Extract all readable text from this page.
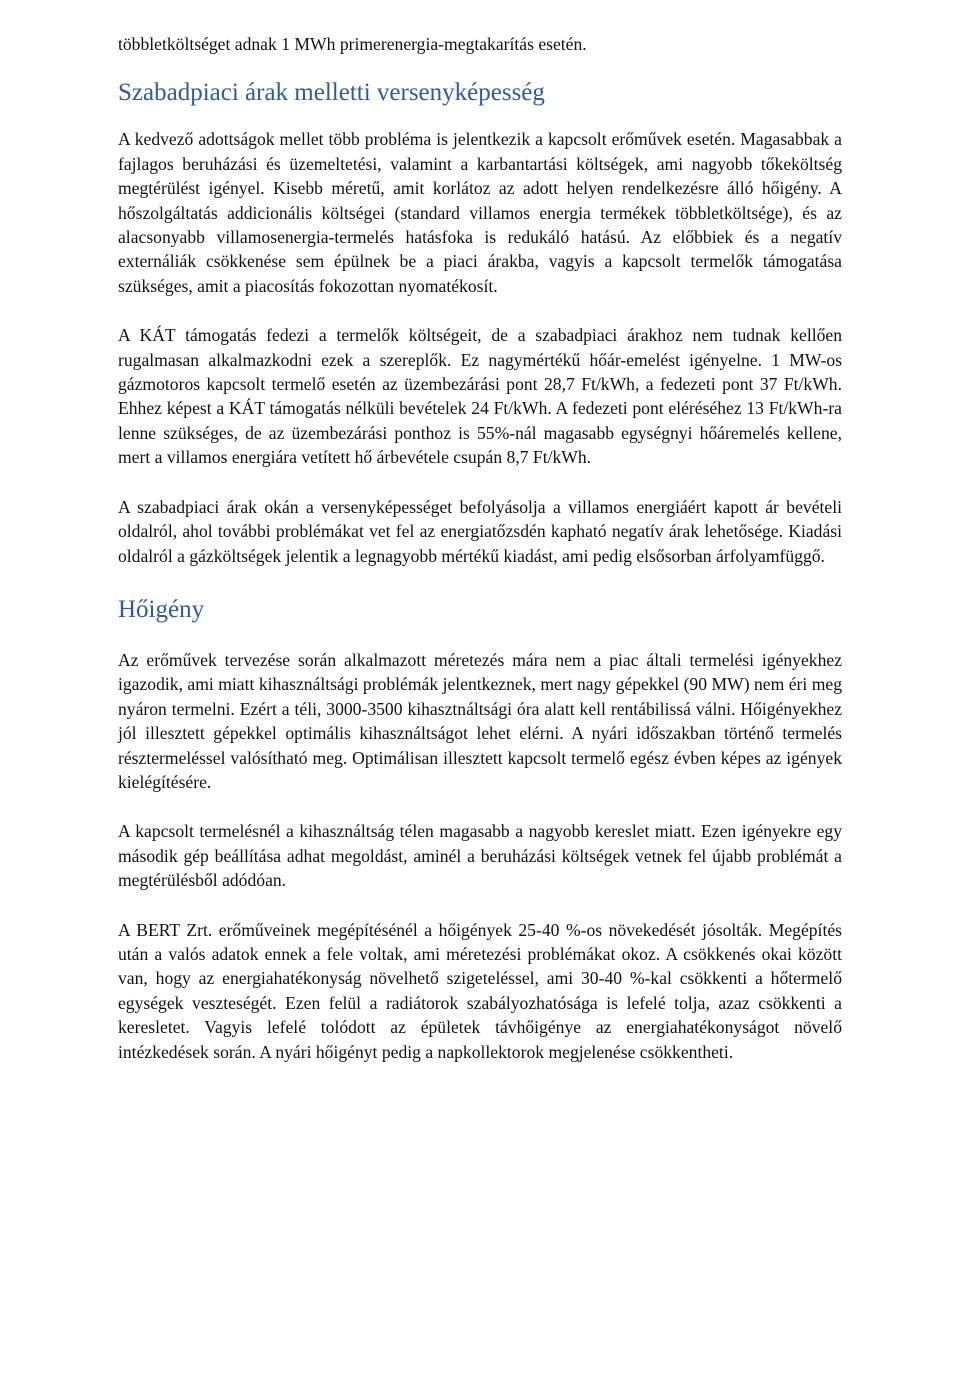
többletköltséget adnak 1 MWh primerenergia-megtakarítás esetén.

Szabadpiaci árak melletti versenyképesség

A kedvező adottságok mellet több probléma is jelentkezik a kapcsolt erőművek esetén. Magasabbak a fajlagos beruházási és üzemeltetési, valamint a karbantartási költségek, ami nagyobb tőkeköltség megtérülést igényel. Kisebb méretű, amit korlátoz az adott helyen rendelkezésre álló hőigény. A hőszolgáltatás addicionális költségei (standard villamos energia termékek többletköltsége), és az alacsonyabb villamosenergia-termelés hatásfoka is redukáló hatású. Az előbbiek és a negatív externáliák csökkenése sem épülnek be a piaci árakba, vagyis a kapcsolt termelők támogatása szükséges, amit a piacosítás fokozottan nyomatékosít.

A KÁT támogatás fedezi a termelők költségeit, de a szabadpiaci árakhoz nem tudnak kellően rugalmasan alkalmazkodni ezek a szereplők. Ez nagymértékű hőár-emelést igényelne. 1 MW-os gázmotoros kapcsolt termelő esetén az üzembezárási pont 28,7 Ft/kWh, a fedezeti pont 37 Ft/kWh. Ehhez képest a KÁT támogatás nélküli bevételek 24 Ft/kWh. A fedezeti pont eléréséhez 13 Ft/kWh-ra lenne szükséges, de az üzembezárási ponthoz is 55%-nál magasabb egységnyi hőáremelés kellene, mert a villamos energiára vetített hő árbevétele csupán 8,7 Ft/kWh.

A szabadpiaci árak okán a versenyképességet befolyásolja a villamos energiáért kapott ár bevételi oldalról, ahol további problémákat vet fel az energiatőzsdén kapható negatív árak lehetősége. Kiadási oldalról a gázköltségek jelentik a legnagyobb mértékű kiadást, ami pedig elsősorban árfolyamfüggő.

Hőigény

Az erőművek tervezése során alkalmazott méretezés mára nem a piac általi termelési igényekhez igazodik, ami miatt kihasználtsági problémák jelentkeznek, mert nagy gépekkel (90 MW) nem éri meg nyáron termelni. Ezért a téli, 3000-3500 kihasztnáltsági óra alatt kell rentábilissá válni. Hőigényekhez jól illesztett gépekkel optimális kihasználtságot lehet elérni. A nyári időszakban történő termelés résztermeléssel valósítható meg. Optimálisan illesztett kapcsolt termelő egész évben képes az igények kielégítésére.

A kapcsolt termelésnél a kihasználtság télen magasabb a nagyobb kereslet miatt. Ezen igényekre egy második gép beállítása adhat megoldást, aminél a beruházási költségek vetnek fel újabb problémát a megtérülésből adódóan.

A BERT Zrt. erőműveinek megépítésénél a hőigények 25-40 %-os növekedését jósolták. Megépítés után a valós adatok ennek a fele voltak, ami méretezési problémákat okoz. A csökkenés okai között van, hogy az energiahatékonyság növelhető szigeteléssel, ami 30-40 %-kal csökkenti a hőtermelő egységek veszteségét. Ezen felül a radiátorok szabályozhatósága is lefelé tolja, azaz csökkenti a keresletet. Vagyis lefelé tolódott az épületek távhőigénye az energiahatékonyságot növelő intézkedések során. A nyári hőigényt pedig a napkollektorok megjelenése csökkentheti.
